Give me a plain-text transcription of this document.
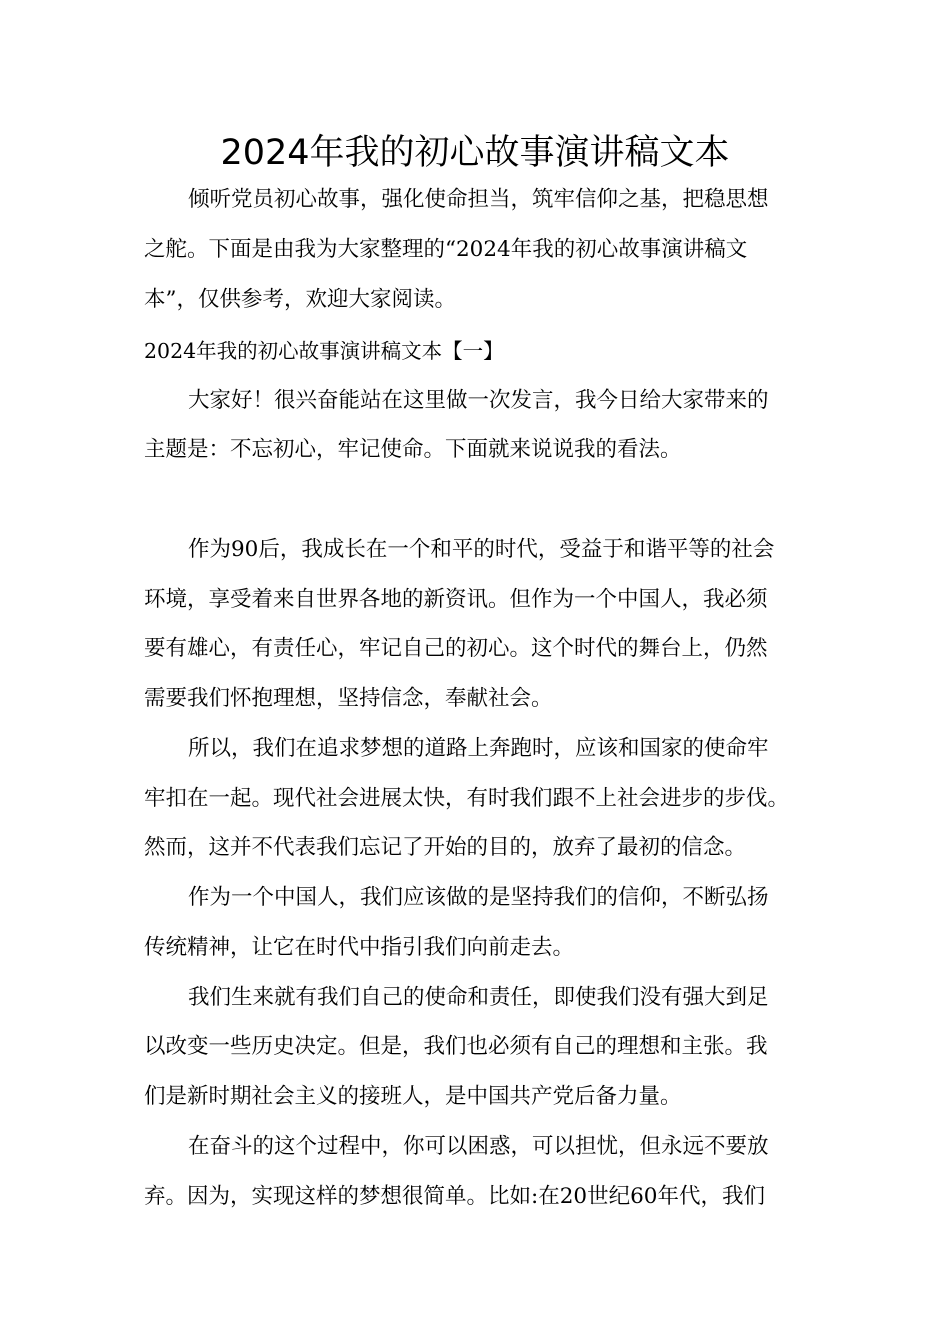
2024年我的初心故事演讲稿文本

倾听党员初心故事，强化使命担当，筑牢信仰之基，把稳思想

之舵。下面是由我为大家整理的“2024年我的初心故事演讲稿文

本”，仅供参考，欢迎大家阅读。

2024年我的初心故事演讲稿文本【一】

大家好！很兴奋能站在这里做一次发言，我今日给大家带来的

主题是：不忘初心，牢记使命。下面就来说说我的看法。

作为90后，我成长在一个和平的时代，受益于和谐平等的社会

环境，享受着来自世界各地的新资讯。但作为一个中国人，我必须

要有雄心，有责任心，牢记自己的初心。这个时代的舞台上，仍然

需要我们怀抱理想，坚持信念，奉献社会。

所以，我们在追求梦想的道路上奔跑时，应该和国家的使命牢

牢扣在一起。现代社会进展太快，有时我们跟不上社会进步的步伐。

然而，这并不代表我们忘记了开始的目的，放弃了最初的信念。

作为一个中国人，我们应该做的是坚持我们的信仰，不断弘扬

传统精神，让它在时代中指引我们向前走去。

我们生来就有我们自己的使命和责任，即使我们没有强大到足

以改变一些历史决定。但是，我们也必须有自己的理想和主张。我

们是新时期社会主义的接班人，是中国共产党后备力量。

在奋斗的这个过程中，你可以困惑，可以担忧，但永远不要放

弃。因为，实现这样的梦想很简单。比如:在20世纪60年代，我们
